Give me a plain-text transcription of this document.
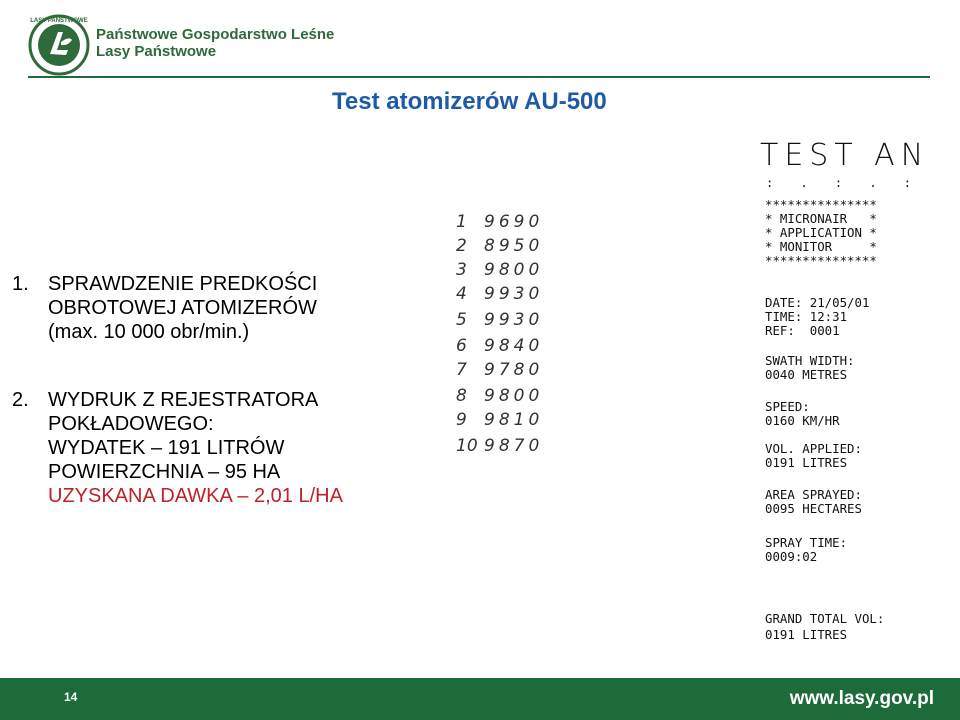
LASY PAŃSTWOWE
Państwowe Gospodarstwo Leśne
Lasy Państwowe
Test atomizerów AU-500
1. SPRAWDZENIE PREDKOŚCI
OBROTOWEJ ATOMIZERÓW
(max. 10 000 obr/min.)
2. WYDRUK Z REJESTRATORA
POKŁADOWEGO:
WYDATEK – 191 LITRÓW
POWIERZCHNIA – 95 HA
UZYSKANA DAWKA – 2,01 L/HA
1 9690
2 8950
3 9800
4 9930
5 9930
6 9840
7 9780
8 9800
9 9810
10 9870
TEST AN
: . : . :
***************
* MICRONAIR   *
* APPLICATION *
* MONITOR     *
***************
DATE: 21/05/01
TIME: 12:31
REF:  0001
SWATH WIDTH:
0040 METRES
SPEED:
0160 KM/HR
VOL. APPLIED:
0191 LITRES
AREA SPRAYED:
0095 HECTARES
SPRAY TIME:
0009:02
GRAND TOTAL VOL:
0191 LITRES
14	www.lasy.gov.pl
